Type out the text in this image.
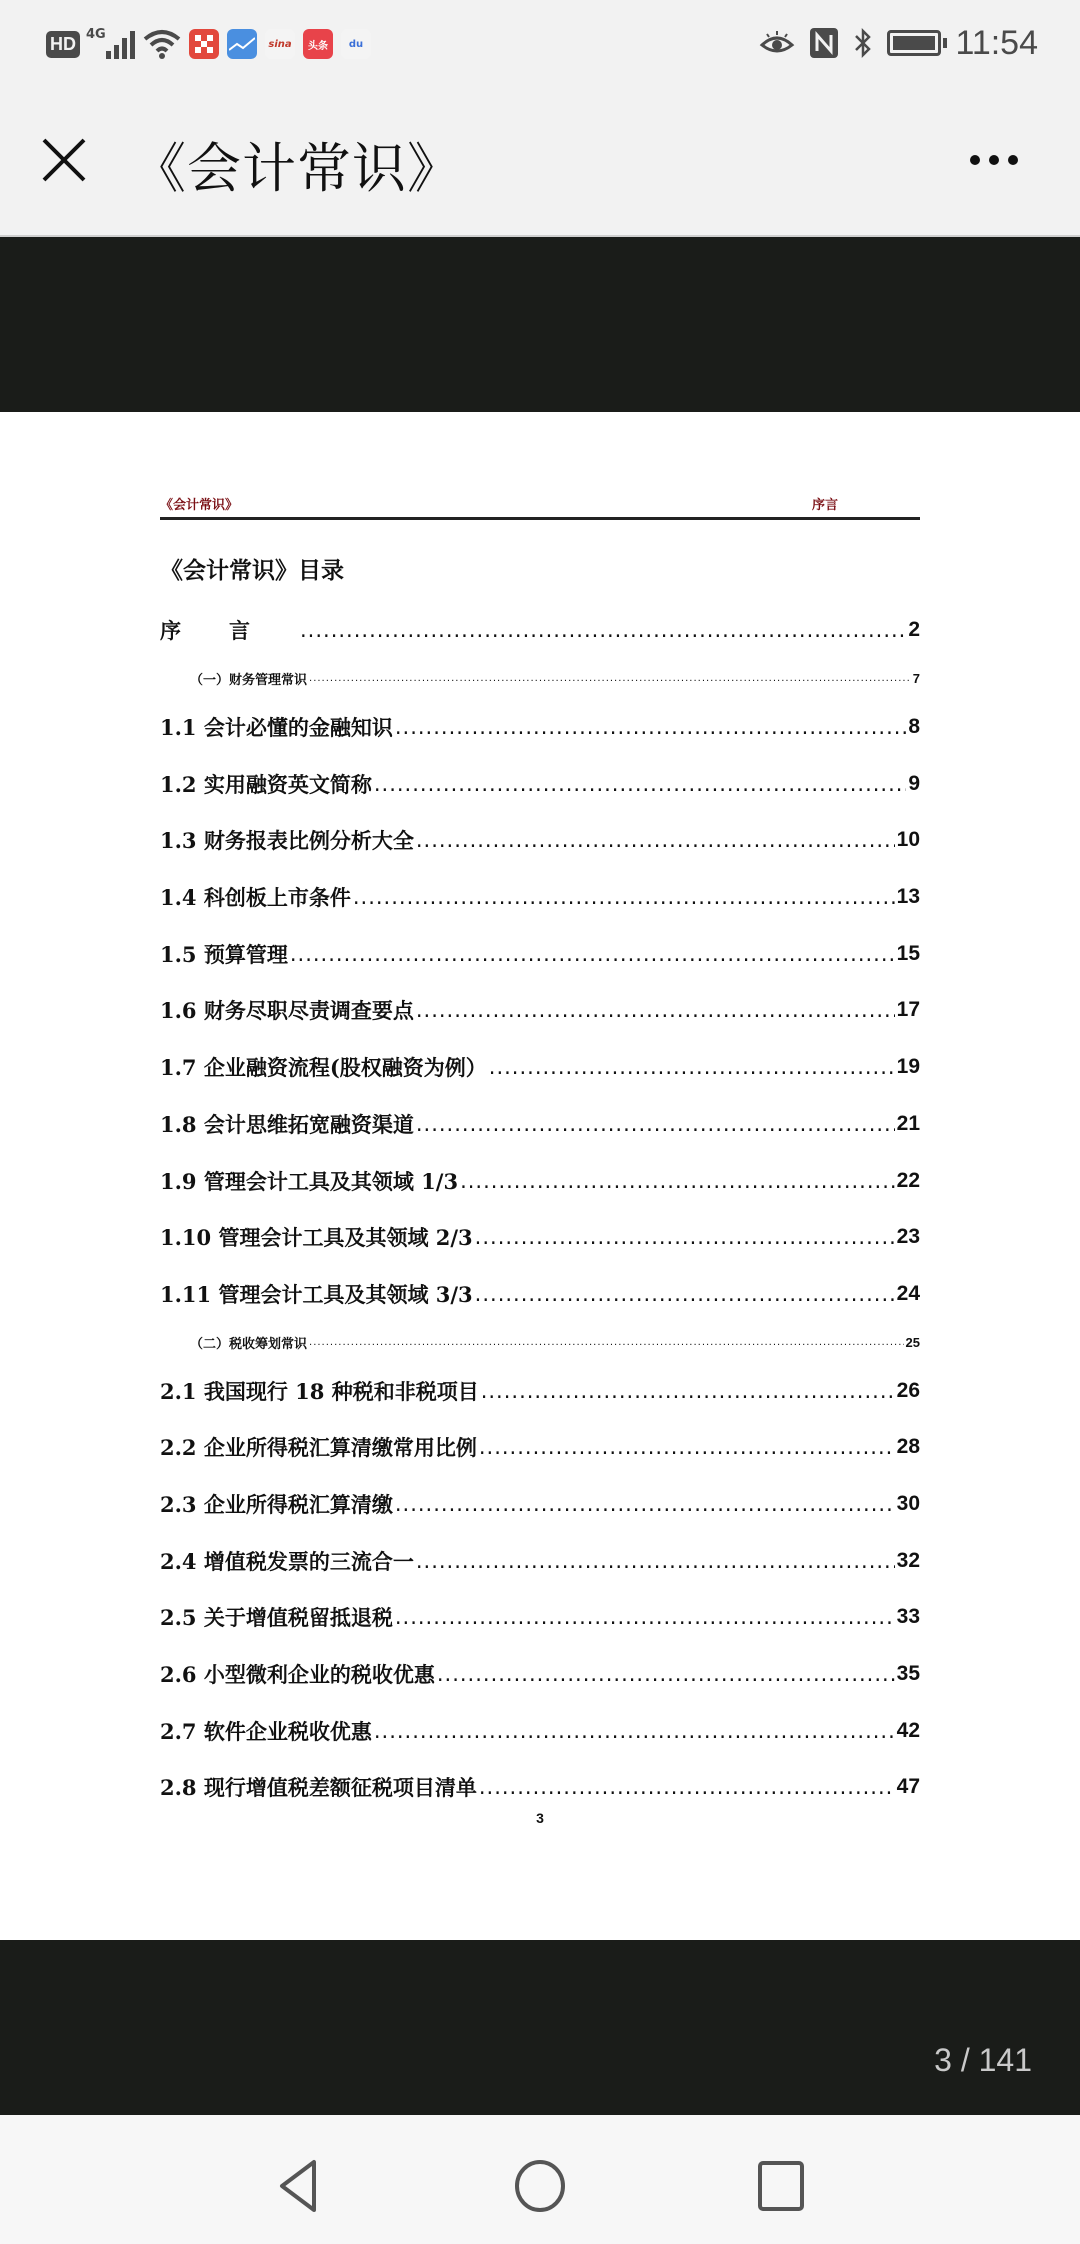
HD 4G
sina	头条	du	11:54
《会计常识》
《会计常识》	序言
《会计常识》目录
序言 .....	2
（一）财务管理常识 .....	7
1.1 会计必懂的金融知识 .....	8
1.2 实用融资英文简称 .....	9
1.3 财务报表比例分析大全 .....	10
1.4 科创板上市条件 .....	13
1.5 预算管理 .....	15
1.6 财务尽职尽责调查要点 .....	17
1.7 企业融资流程(股权融资为例） .....	19
1.8 会计思维拓宽融资渠道 .....	21
1.9 管理会计工具及其领域 1/3 .....	22
1.10 管理会计工具及其领域 2/3 .....	23
1.11 管理会计工具及其领域 3/3 .....	24
（二）税收筹划常识 .....	25
2.1 我国现行 18 种税和非税项目 .....	26
2.2 企业所得税汇算清缴常用比例 .....	28
2.3 企业所得税汇算清缴 .....	30
2.4 增值税发票的三流合一 .....	32
2.5 关于增值税留抵退税 .....	33
2.6 小型微利企业的税收优惠 .....	35
2.7 软件企业税收优惠 .....	42
2.8 现行增值税差额征税项目清单 .....	47
3
3 / 141
